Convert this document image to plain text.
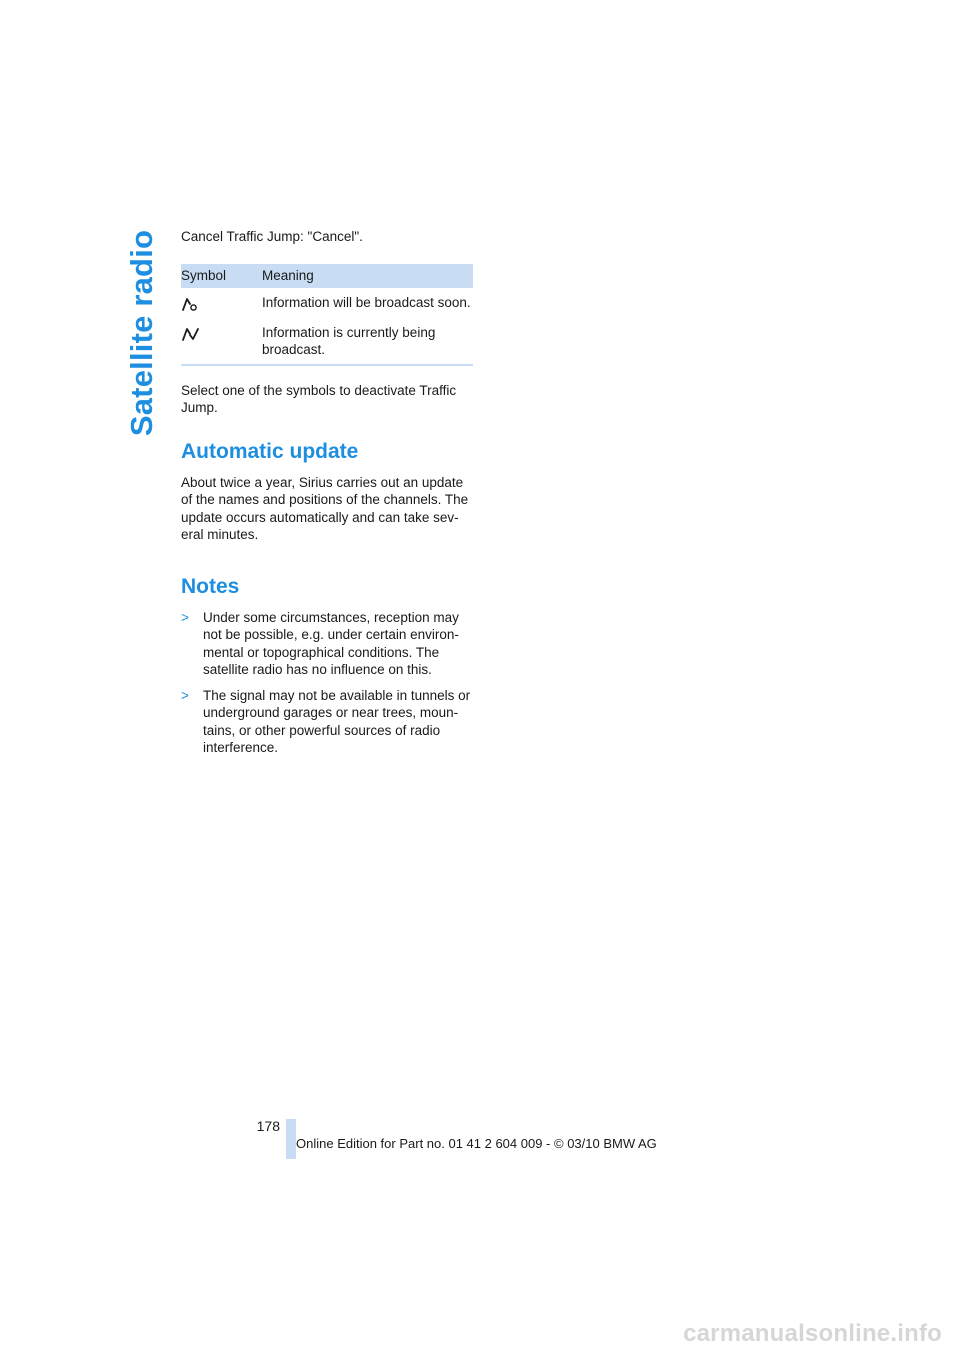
Satellite radio Cancel Traffic Jump: "Cancel".

Symbol	Meaning
	Information will be broadcast soon.
	Information is currently being broadcast.

Select one of the symbols to deactivate Traffic Jump.

Automatic update

About twice a year, Sirius carries out an update of the names and positions of the channels. The update occurs automatically and can take sev-eral minutes.

Notes
> Under some circumstances, reception may not be possible, e.g. under certain environ-mental or topographical conditions. The satellite radio has no influence on this.
> The signal may not be available in tunnels or underground garages or near trees, moun-tains, or other powerful sources of radio interference.
178
Online Edition for Part no. 01 41 2 604 009 - © 03/10 BMW AG
carmanualsonline.info
